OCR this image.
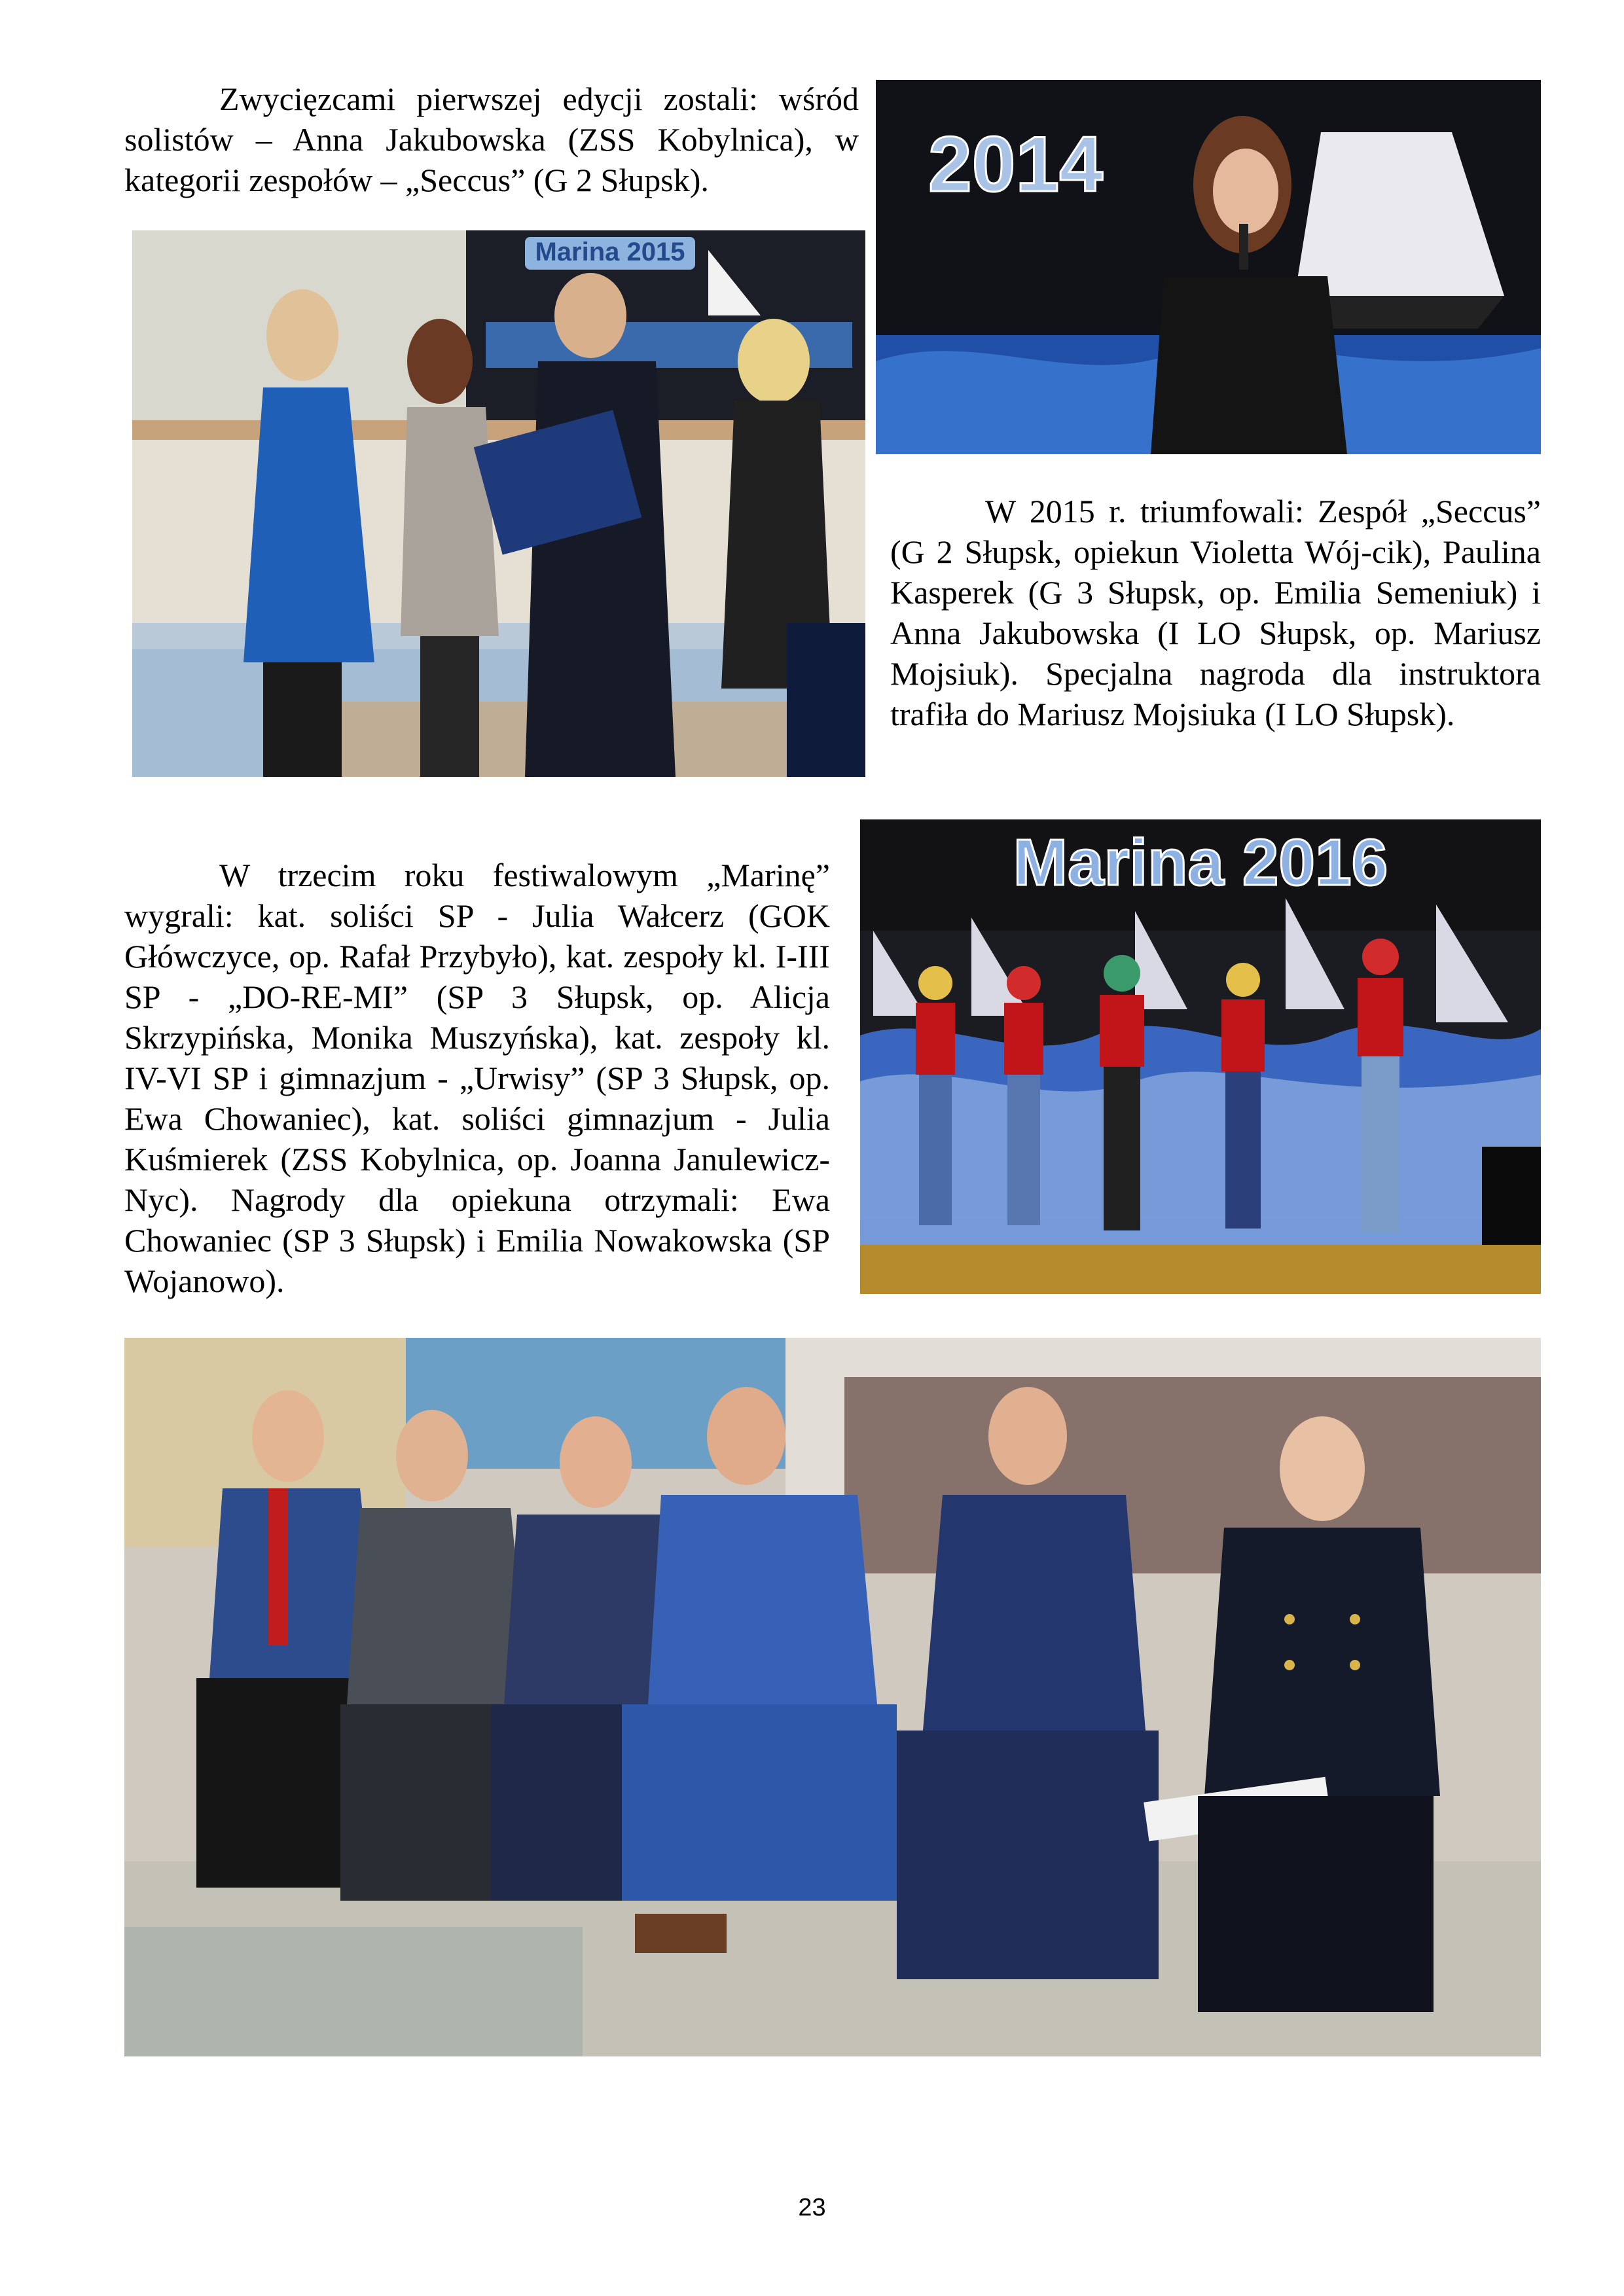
Zwycięzcami pierwszej edycji zostali: wśród solistów – Anna Jakubowska (ZSS Kobylnica), w kategorii zespołów – „Seccus” (G 2 Słupsk).

Marina 2015
2014

W 2015 r. triumfowali: Zespół „Seccus” (G 2 Słupsk, opiekun Violetta Wój-cik), Paulina Kasperek (G 3 Słupsk, op. Emilia Semeniuk) i Anna Jakubowska (I LO Słupsk, op. Mariusz Mojsiuk). Specjalna nagroda dla instruktora trafiła do Mariusz Mojsiuka (I LO Słupsk).

Marina 2016

W trzecim roku festiwalowym „Marinę” wygrali: kat. soliści SP - Julia Wałcerz (GOK Główczyce, op. Rafał Przybyło), kat. zespoły kl. I-III SP - „DO-RE-MI” (SP 3 Słupsk, op. Alicja Skrzypińska, Monika Muszyńska), kat. zespoły kl. IV-VI SP i gimnazjum - „Urwisy” (SP 3 Słupsk, op. Ewa Chowaniec), kat. soliści gimnazjum - Julia Kuśmierek (ZSS Kobylnica, op. Joanna Janulewicz- Nyc). Nagrody dla opiekuna otrzymali: Ewa Chowaniec (SP 3 Słupsk) i Emilia Nowakowska (SP Wojanowo).

23
